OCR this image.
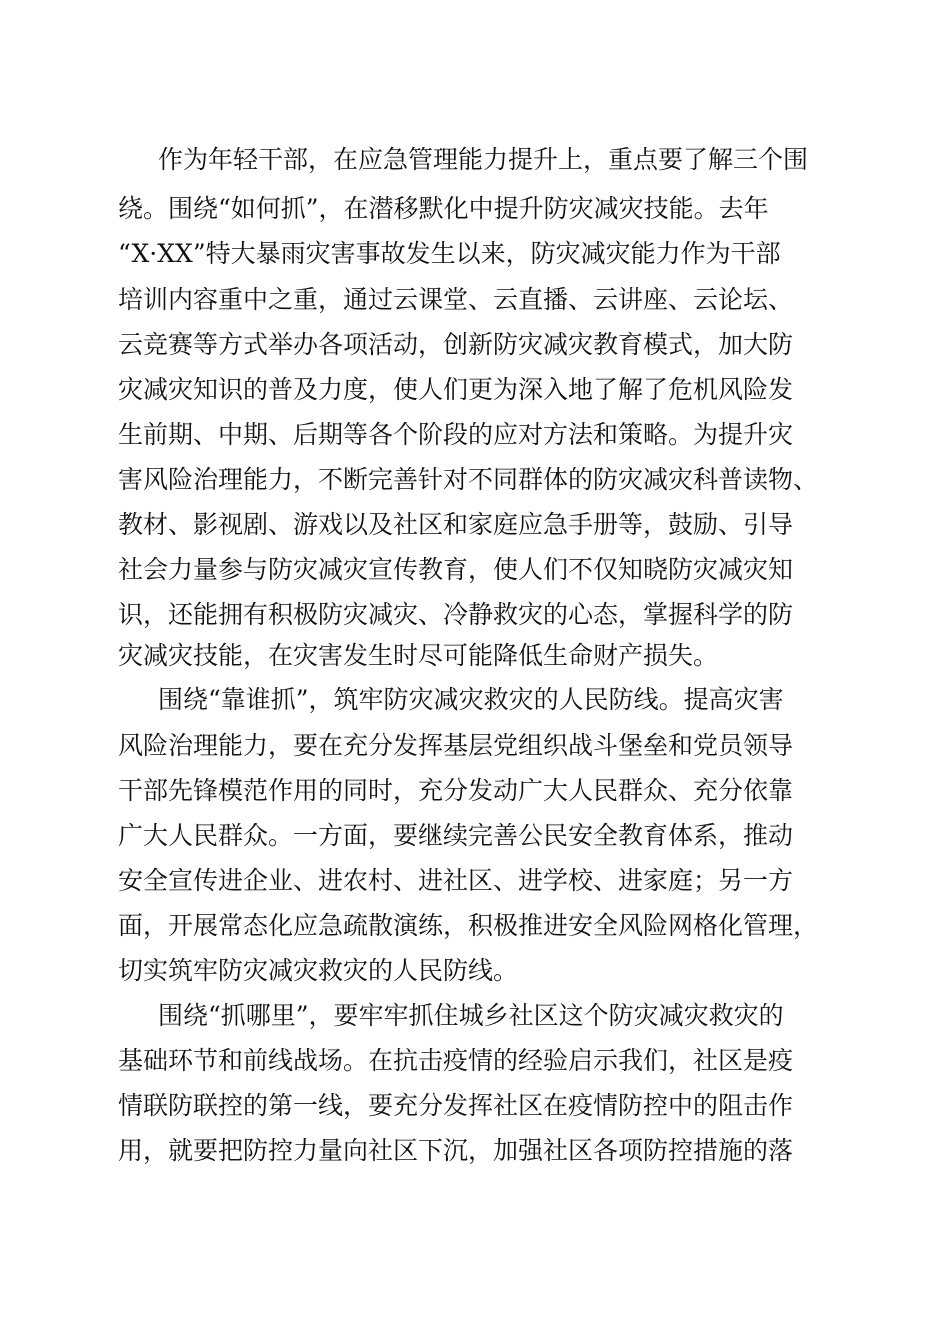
作为年轻干部，在应急管理能力提升上，重点要了解三个围
绕。围绕“如何抓”，在潜移默化中提升防灾减灾技能。去年
“X·XX”特大暴雨灾害事故发生以来，防灾减灾能力作为干部
培训内容重中之重，通过云课堂、云直播、云讲座、云论坛、
云竞赛等方式举办各项活动，创新防灾减灾教育模式，加大防
灾减灾知识的普及力度，使人们更为深入地了解了危机风险发
生前期、中期、后期等各个阶段的应对方法和策略。为提升灾
害风险治理能力，不断完善针对不同群体的防灾减灾科普读物、
教材、影视剧、游戏以及社区和家庭应急手册等，鼓励、引导
社会力量参与防灾减灾宣传教育，使人们不仅知晓防灾减灾知
识，还能拥有积极防灾减灾、冷静救灾的心态，掌握科学的防
灾减灾技能，在灾害发生时尽可能降低生命财产损失。
围绕“靠谁抓”，筑牢防灾减灾救灾的人民防线。提高灾害
风险治理能力，要在充分发挥基层党组织战斗堡垒和党员领导
干部先锋模范作用的同时，充分发动广大人民群众、充分依靠
广大人民群众。一方面，要继续完善公民安全教育体系，推动
安全宣传进企业、进农村、进社区、进学校、进家庭；另一方
面，开展常态化应急疏散演练，积极推进安全风险网格化管理，
切实筑牢防灾减灾救灾的人民防线。
围绕“抓哪里”，要牢牢抓住城乡社区这个防灾减灾救灾的
基础环节和前线战场。在抗击疫情的经验启示我们，社区是疫
情联防联控的第一线，要充分发挥社区在疫情防控中的阻击作
用，就要把防控力量向社区下沉，加强社区各项防控措施的落
